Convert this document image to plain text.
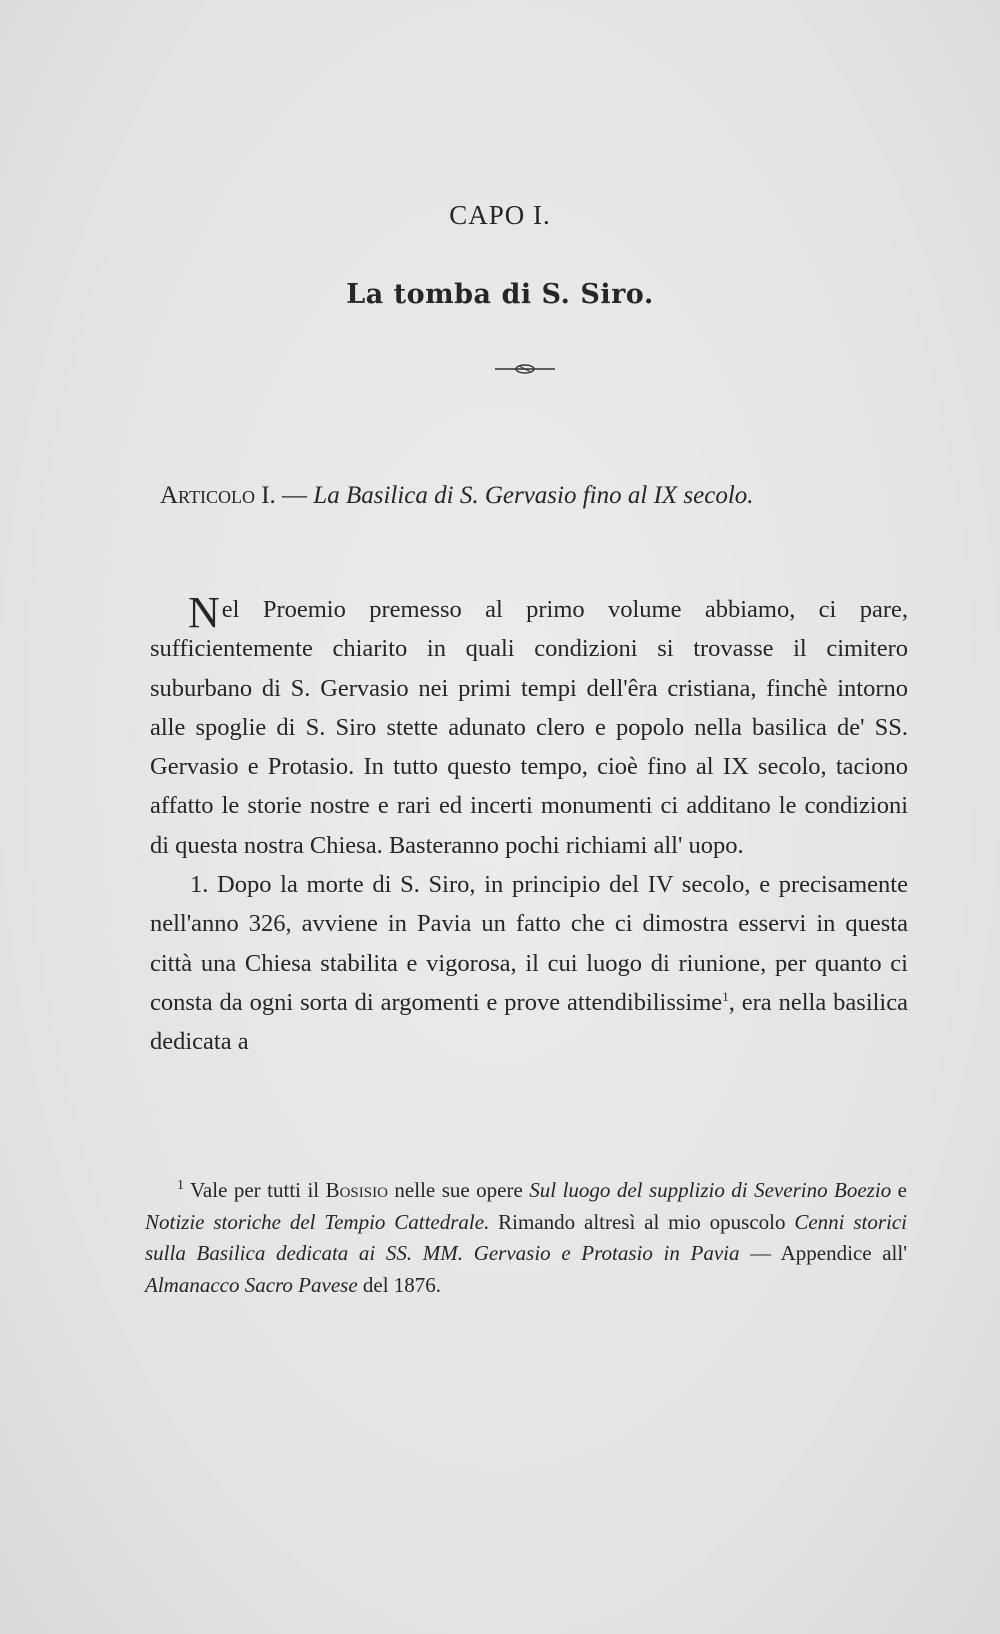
CAPO I.
La tomba di S. Siro.
Articolo I. — La Basilica di S. Gervasio fino al IX secolo.

Nel Proemio premesso al primo volume abbiamo, ci pare, sufficientemente chiarito in quali condizioni si trovasse il cimitero suburbano di S. Gervasio nei primi tempi dell'êra cristiana, finchè intorno alle spoglie di S. Siro stette adunato clero e popolo nella basilica de' SS. Gervasio e Protasio. In tutto questo tempo, cioè fino al IX secolo, taciono affatto le storie nostre e rari ed incerti monumenti ci additano le condizioni di questa nostra Chiesa. Basteranno pochi richiami all' uopo.

1. Dopo la morte di S. Siro, in principio del IV secolo, e precisamente nell'anno 326, avviene in Pavia un fatto che ci dimostra esservi in questa città una Chiesa stabilita e vigorosa, il cui luogo di riunione, per quanto ci consta da ogni sorta di argomenti e prove attendibilissime$^1$, era nella basilica dedicata a

$^1$ Vale per tutti il Bosisio nelle sue opere Sul luogo del supplizio di Severino Boezio e Notizie storiche del Tempio Cattedrale. Rimando altresì al mio opuscolo Cenni storici sulla Basilica dedicata ai SS. MM. Gervasio e Protasio in Pavia — Appendice all' Almanacco Sacro Pavese del 1876.
